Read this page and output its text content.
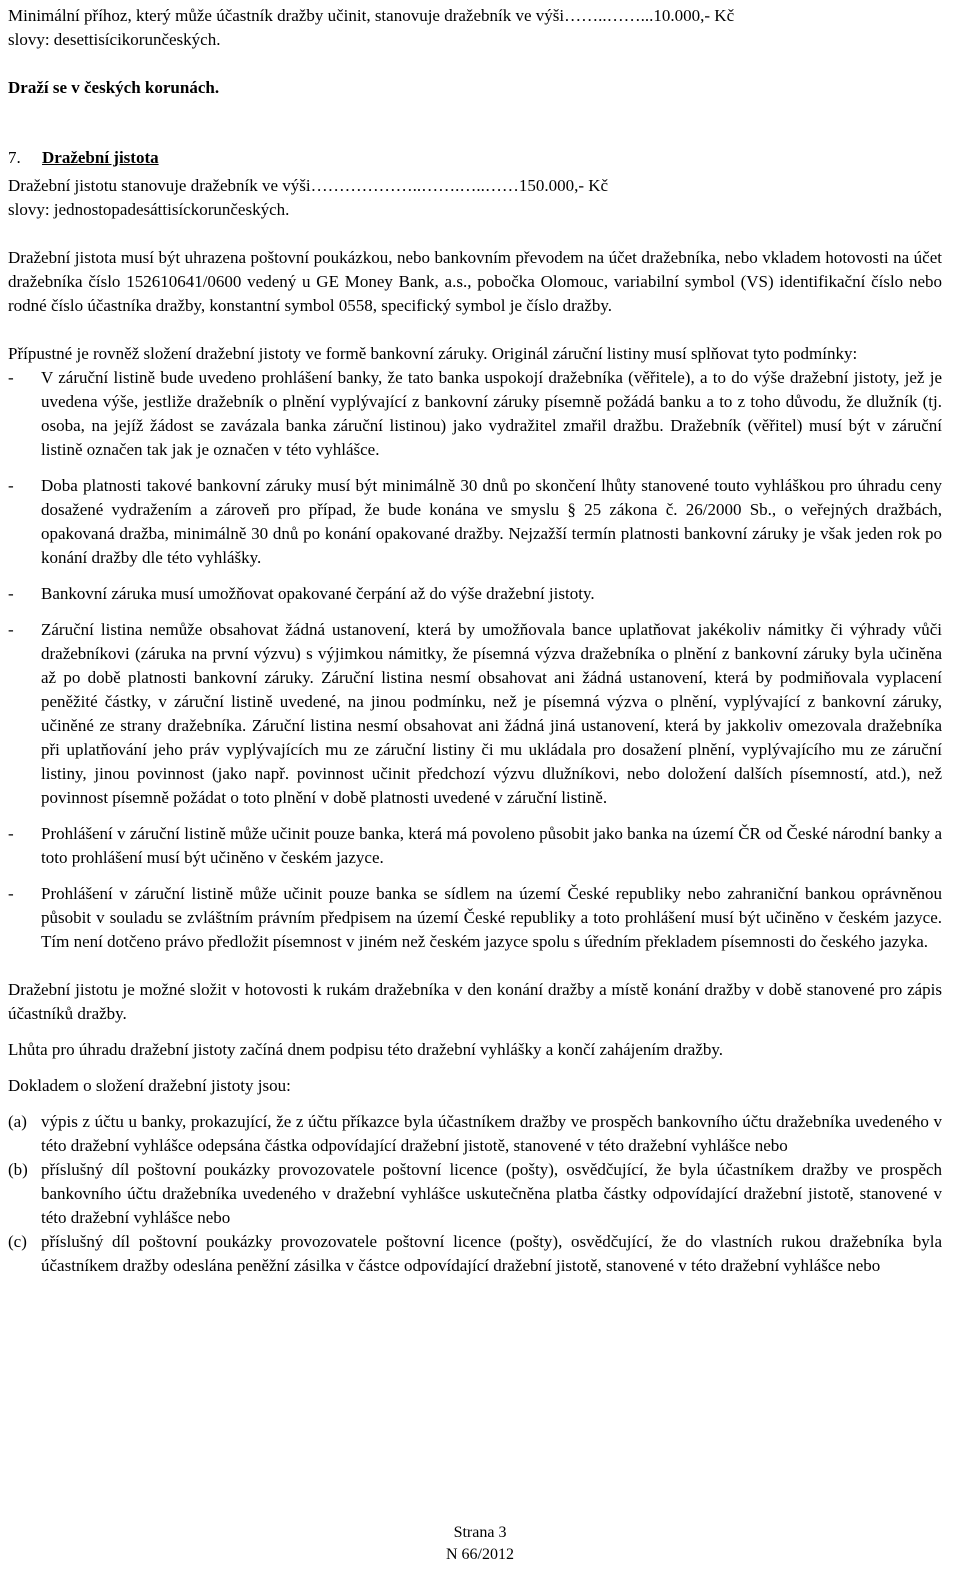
Minimální příhoz, který může účastník dražby učinit, stanovuje dražebník ve výši……..……...10.000,- Kč

slovy: desettisícikorunčeských.

Draží se v českých korunách.

7. Dražební jistota

Dražební jistotu stanovuje dražebník ve výši………………..…….…..……150.000,- Kč

slovy: jednostopadesáttisíckorunčeských.

Dražební jistota musí být uhrazena poštovní poukázkou, nebo bankovním převodem na účet dražebníka, nebo vkladem hotovosti na účet dražebníka číslo 152610641/0600 vedený u GE Money Bank, a.s., pobočka Olomouc, variabilní symbol (VS) identifikační číslo nebo rodné číslo účastníka dražby, konstantní symbol 0558, specifický symbol je číslo dražby.

Přípustné je rovněž složení dražební jistoty ve formě bankovní záruky. Originál záruční listiny musí splňovat tyto podmínky:

- V záruční listině bude uvedeno prohlášení banky, že tato banka uspokojí dražebníka (věřitele), a to do výše dražební jistoty, jež je uvedena výše, jestliže dražebník o plnění vyplývající z bankovní záruky písemně požádá banku a to z toho důvodu, že dlužník (tj. osoba, na jejíž žádost se zavázala banka záruční listinou) jako vydražitel zmařil dražbu. Dražebník (věřitel) musí být v záruční listině označen tak jak je označen v této vyhlášce.
- Doba platnosti takové bankovní záruky musí být minimálně 30 dnů po skončení lhůty stanovené touto vyhláškou pro úhradu ceny dosažené vydražením a zároveň pro případ, že bude konána ve smyslu § 25 zákona č. 26/2000 Sb., o veřejných dražbách, opakovaná dražba, minimálně 30 dnů po konání opakované dražby. Nejzažší termín platnosti bankovní záruky je však jeden rok po konání dražby dle této vyhlášky.
- Bankovní záruka musí umožňovat opakované čerpání až do výše dražební jistoty.
- Záruční listina nemůže obsahovat žádná ustanovení, která by umožňovala bance uplatňovat jakékoliv námitky či výhrady vůči dražebníkovi (záruka na první výzvu) s výjimkou námitky, že písemná výzva dražebníka o plnění z bankovní záruky byla učiněna až po době platnosti bankovní záruky. Záruční listina nesmí obsahovat ani žádná ustanovení, která by podmiňovala vyplacení peněžité částky, v záruční listině uvedené, na jinou podmínku, než je písemná výzva o plnění, vyplývající z bankovní záruky, učiněné ze strany dražebníka. Záruční listina nesmí obsahovat ani žádná jiná ustanovení, která by jakkoliv omezovala dražebníka při uplatňování jeho práv vyplývajících mu ze záruční listiny či mu ukládala pro dosažení plnění, vyplývajícího mu ze záruční listiny, jinou povinnost (jako např. povinnost učinit předchozí výzvu dlužníkovi, nebo doložení dalších písemností, atd.), než povinnost písemně požádat o toto plnění v době platnosti uvedené v záruční listině.
- Prohlášení v záruční listině může učinit pouze banka, která má povoleno působit jako banka na území ČR od České národní banky a toto prohlášení musí být učiněno v českém jazyce.
- Prohlášení v záruční listině může učinit pouze banka se sídlem na území České republiky nebo zahraniční bankou oprávněnou působit v souladu se zvláštním právním předpisem na území České republiky a toto prohlášení musí být učiněno v českém jazyce. Tím není dotčeno právo předložit písemnost v jiném než českém jazyce spolu s úředním překladem písemnosti do českého jazyka.

Dražební jistotu je možné složit v hotovosti k rukám dražebníka v den konání dražby a místě konání dražby v době stanovené pro zápis účastníků dražby.

Lhůta pro úhradu dražební jistoty začíná dnem podpisu této dražební vyhlášky a končí zahájením dražby.

Dokladem o složení dražební jistoty jsou:

(a) výpis z účtu u banky, prokazující, že z účtu příkazce byla účastníkem dražby ve prospěch bankovního účtu dražebníka uvedeného v této dražební vyhlášce odepsána částka odpovídající dražební jistotě, stanovené v této dražební vyhlášce nebo
(b) příslušný díl poštovní poukázky provozovatele poštovní licence (pošty), osvědčující, že byla účastníkem dražby ve prospěch bankovního účtu dražebníka uvedeného v dražební vyhlášce uskutečněna platba částky odpovídající dražební jistotě, stanovené v této dražební vyhlášce nebo
(c) příslušný díl poštovní poukázky provozovatele poštovní licence (pošty), osvědčující, že do vlastních rukou dražebníka byla účastníkem dražby odeslána peněžní zásilka v částce odpovídající dražební jistotě, stanovené v této dražební vyhlášce nebo
Strana 3
N 66/2012
